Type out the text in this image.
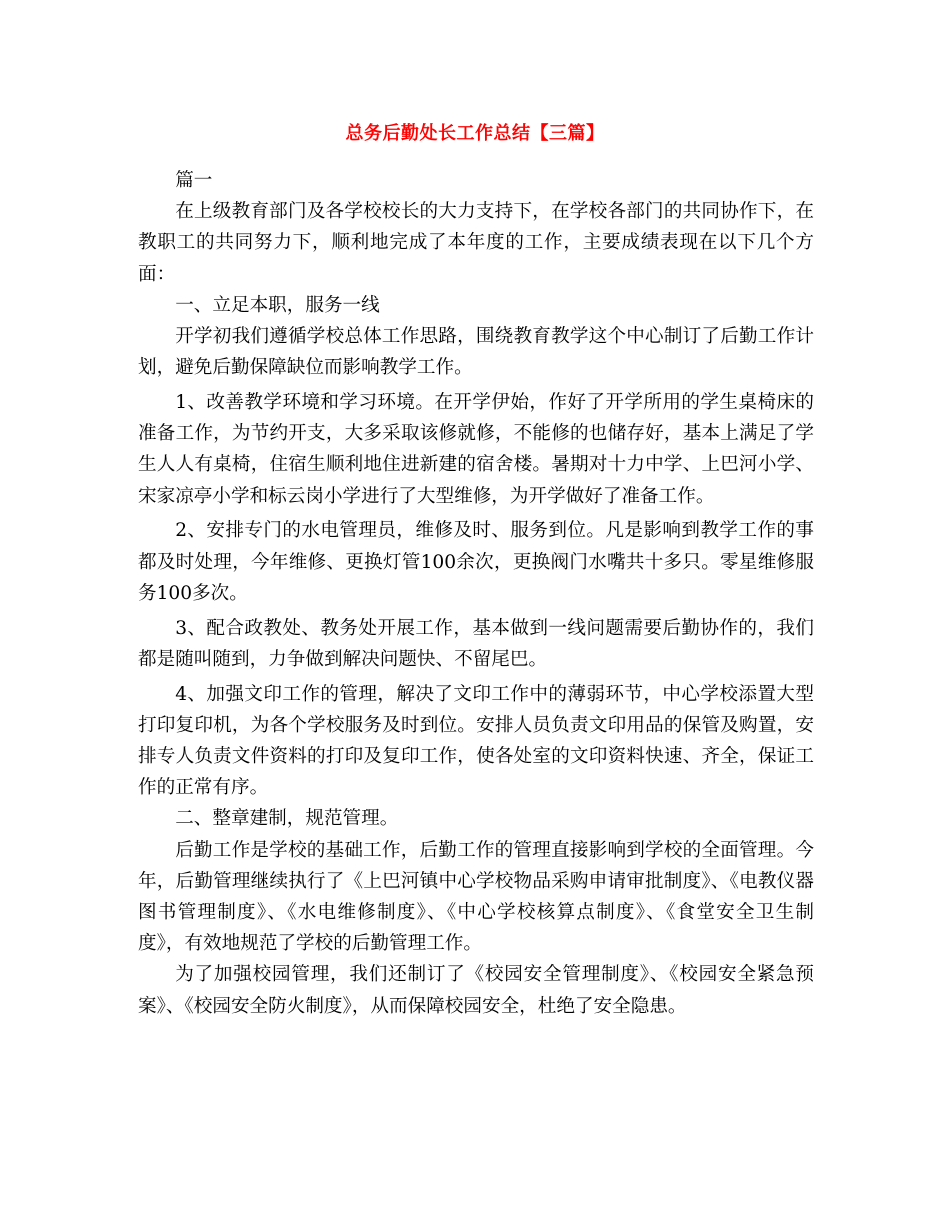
总务后勤处长工作总结【三篇】

篇一

在上级教育部门及各学校校长的大力支持下，在学校各部门的共同协作下，在教职工的共同努力下，顺利地完成了本年度的工作，主要成绩表现在以下几个方面：

一、立足本职，服务一线

开学初我们遵循学校总体工作思路，围绕教育教学这个中心制订了后勤工作计划，避免后勤保障缺位而影响教学工作。

1、改善教学环境和学习环境。在开学伊始，作好了开学所用的学生桌椅床的准备工作，为节约开支，大多采取该修就修，不能修的也储存好，基本上满足了学生人人有桌椅，住宿生顺利地住进新建的宿舍楼。暑期对十力中学、上巴河小学、宋家凉亭小学和标云岗小学进行了大型维修，为开学做好了准备工作。

2、安排专门的水电管理员，维修及时、服务到位。凡是影响到教学工作的事都及时处理，今年维修、更换灯管100余次，更换阀门水嘴共十多只。零星维修服务100多次。

3、配合政教处、教务处开展工作，基本做到一线问题需要后勤协作的，我们都是随叫随到，力争做到解决问题快、不留尾巴。

4、加强文印工作的管理，解决了文印工作中的薄弱环节，中心学校添置大型打印复印机，为各个学校服务及时到位。安排人员负责文印用品的保管及购置，安排专人负责文件资料的打印及复印工作，使各处室的文印资料快速、齐全，保证工作的正常有序。

二、整章建制，规范管理。

后勤工作是学校的基础工作，后勤工作的管理直接影响到学校的全面管理。今年，后勤管理继续执行了《上巴河镇中心学校物品采购申请审批制度》、《电教仪器图书管理制度》、《水电维修制度》、《中心学校核算点制度》、《食堂安全卫生制度》，有效地规范了学校的后勤管理工作。

为了加强校园管理，我们还制订了《校园安全管理制度》、《校园安全紧急预案》、《校园安全防火制度》，从而保障校园安全，杜绝了安全隐患。
